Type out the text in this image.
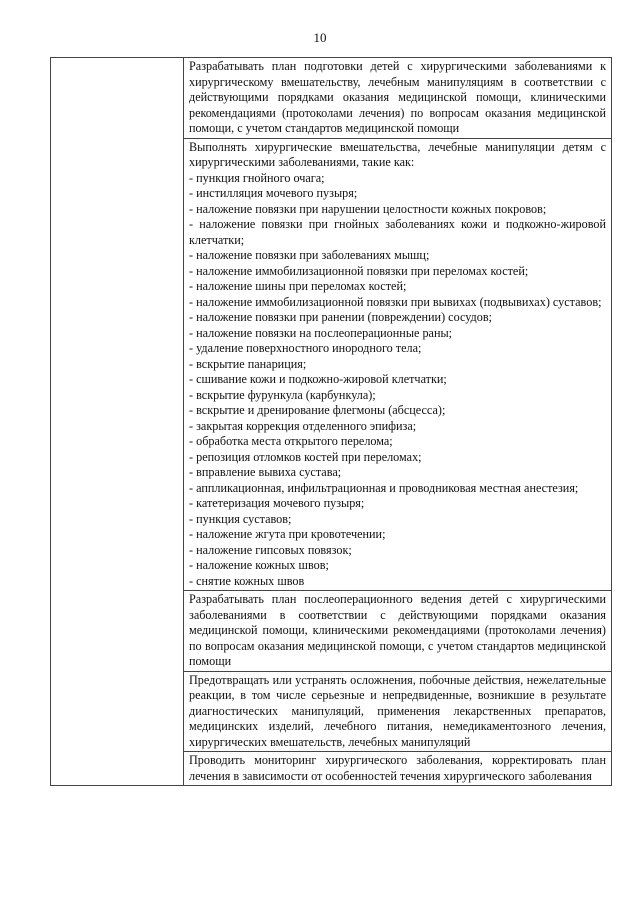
10

Разрабатывать план подготовки детей с хирургическими заболеваниями к хирургическому вмешательству, лечебным манипуляциям в соответствии с действующими порядками оказания медицинской помощи, клиническими рекомендациями (протоколами лечения) по вопросам оказания медицинской помощи, с учетом стандартов медицинской помощи

Выполнять хирургические вмешательства, лечебные манипуляции детям с хирургическими заболеваниями, такие как:
- пункция гнойного очага;
- инстилляция мочевого пузыря;
- наложение повязки при нарушении целостности кожных покровов;
- наложение повязки при гнойных заболеваниях кожи и подкожно-жировой клетчатки;
- наложение повязки при заболеваниях мышц;
- наложение иммобилизационной повязки при переломах костей;
- наложение шины при переломах костей;
- наложение иммобилизационной повязки при вывихах (подвывихах) суставов;
- наложение повязки при ранении (повреждении) сосудов;
- наложение повязки на послеоперационные раны;
- удаление поверхностного инородного тела;
- вскрытие панариция;
- сшивание кожи и подкожно-жировой клетчатки;
- вскрытие фурункула (карбункула);
- вскрытие и дренирование флегмоны (абсцесса);
- закрытая коррекция отделенного эпифиза;
- обработка места открытого перелома;
- репозиция отломков костей при переломах;
- вправление вывиха сустава;
- аппликационная, инфильтрационная и проводниковая местная анестезия;
- катетеризация мочевого пузыря;
- пункция суставов;
- наложение жгута при кровотечении;
- наложение гипсовых повязок;
- наложение кожных швов;
- снятие кожных швов

Разрабатывать план послеоперационного ведения детей с хирургическими заболеваниями в соответствии с действующими порядками оказания медицинской помощи, клиническими рекомендациями (протоколами лечения) по вопросам оказания медицинской помощи, с учетом стандартов медицинской помощи

Предотвращать или устранять осложнения, побочные действия, нежелательные реакции, в том числе серьезные и непредвиденные, возникшие в результате диагностических манипуляций, применения лекарственных препаратов, медицинских изделий, лечебного питания, немедикаментозного лечения, хирургических вмешательств, лечебных манипуляций

Проводить мониторинг хирургического заболевания, корректировать план лечения в зависимости от особенностей течения хирургического заболевания
